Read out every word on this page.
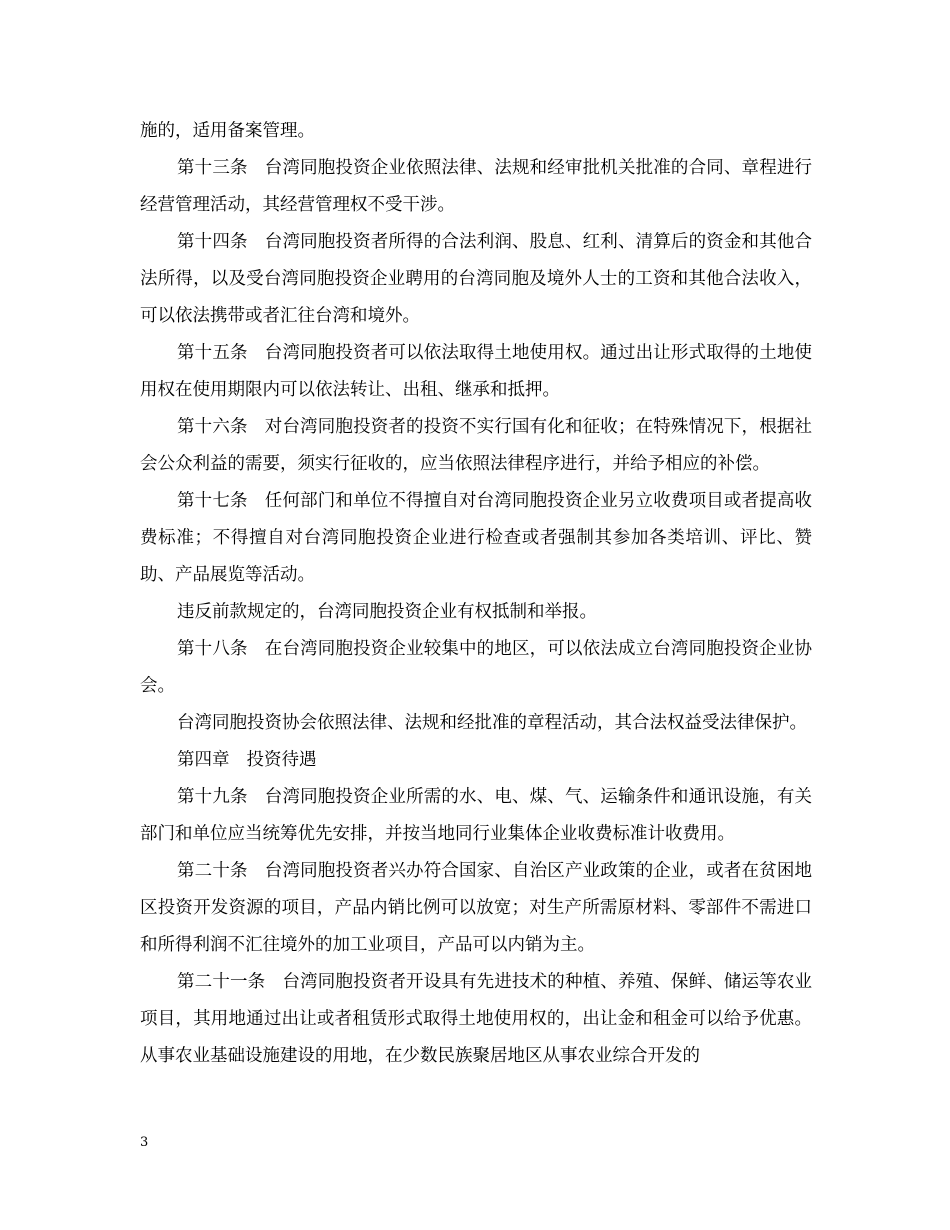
施的，适用备案管理。

第十三条 台湾同胞投资企业依照法律、法规和经审批机关批准的合同、章程进行经营管理活动，其经营管理权不受干涉。

第十四条 台湾同胞投资者所得的合法利润、股息、红利、清算后的资金和其他合法所得，以及受台湾同胞投资企业聘用的台湾同胞及境外人士的工资和其他合法收入，可以依法携带或者汇往台湾和境外。

第十五条 台湾同胞投资者可以依法取得土地使用权。通过出让形式取得的土地使用权在使用期限内可以依法转让、出租、继承和抵押。

第十六条 对台湾同胞投资者的投资不实行国有化和征收；在特殊情况下，根据社会公众利益的需要，须实行征收的，应当依照法律程序进行，并给予相应的补偿。

第十七条 任何部门和单位不得擅自对台湾同胞投资企业另立收费项目或者提高收费标准；不得擅自对台湾同胞投资企业进行检查或者强制其参加各类培训、评比、赞助、产品展览等活动。

违反前款规定的，台湾同胞投资企业有权抵制和举报。

第十八条 在台湾同胞投资企业较集中的地区，可以依法成立台湾同胞投资企业协会。

台湾同胞投资协会依照法律、法规和经批准的章程活动，其合法权益受法律保护。

第四章 投资待遇

第十九条 台湾同胞投资企业所需的水、电、煤、气、运输条件和通讯设施，有关部门和单位应当统筹优先安排，并按当地同行业集体企业收费标准计收费用。

第二十条 台湾同胞投资者兴办符合国家、自治区产业政策的企业，或者在贫困地区投资开发资源的项目，产品内销比例可以放宽；对生产所需原材料、零部件不需进口和所得利润不汇往境外的加工业项目，产品可以内销为主。

第二十一条 台湾同胞投资者开设具有先进技术的种植、养殖、保鲜、储运等农业项目，其用地通过出让或者租赁形式取得土地使用权的，出让金和租金可以给予优惠。从事农业基础设施建设的用地，在少数民族聚居地区从事农业综合开发的

3
